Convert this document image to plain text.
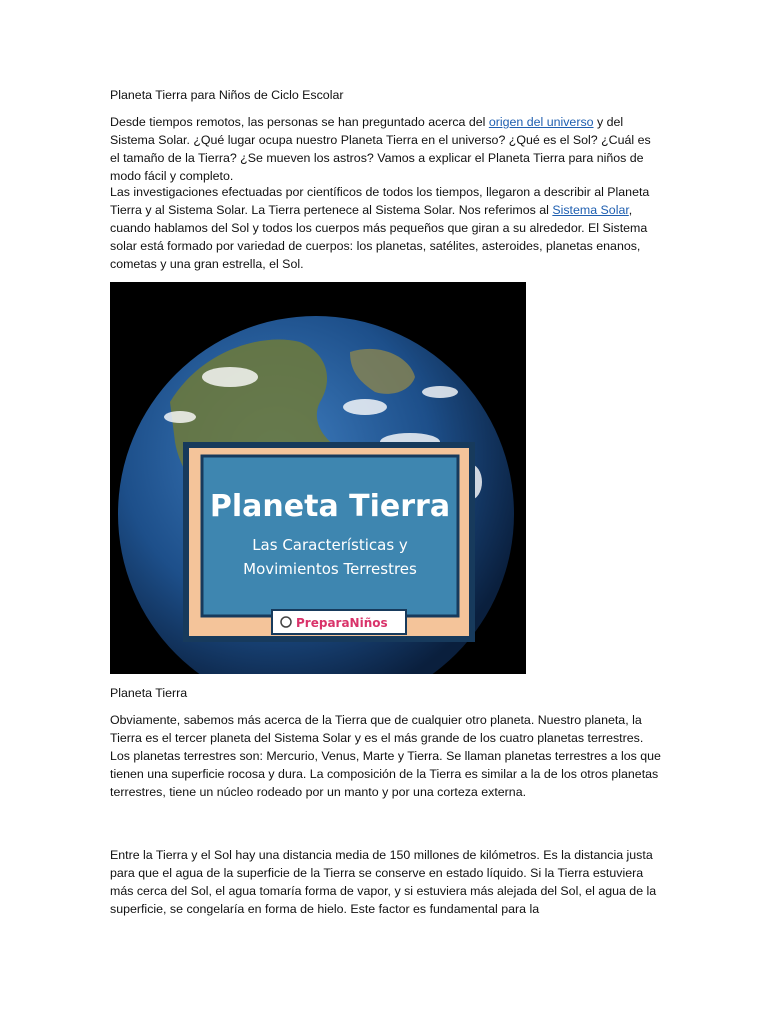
Planeta Tierra para Niños de Ciclo Escolar

Desde tiempos remotos, las personas se han preguntado acerca del origen del universo y del Sistema Solar. ¿Qué lugar ocupa nuestro Planeta Tierra en el universo? ¿Qué es el Sol? ¿Cuál es el tamaño de la Tierra? ¿Se mueven los astros? Vamos a explicar el Planeta Tierra para niños de modo fácil y completo.

Las investigaciones efectuadas por científicos de todos los tiempos, llegaron a describir al Planeta Tierra y al Sistema Solar. La Tierra pertenece al Sistema Solar. Nos referimos al Sistema Solar, cuando hablamos del Sol y todos los cuerpos más pequeños que giran a su alrededor. El Sistema solar está formado por variedad de cuerpos: los planetas, satélites, asteroides, planetas enanos, cometas y una gran estrella, el Sol.

Planeta Tierra
Las Características y
Movimientos Terrestres
PreparaNiños
Planeta Tierra

Obviamente, sabemos más acerca de la Tierra que de cualquier otro planeta. Nuestro planeta, la Tierra es el tercer planeta del Sistema Solar y es el más grande de los cuatro planetas terrestres. Los planetas terrestres son: Mercurio, Venus, Marte y Tierra. Se llaman planetas terrestres a los que tienen una superficie rocosa y dura. La composición de la Tierra es similar a la de los otros planetas terrestres, tiene un núcleo rodeado por un manto y por una corteza externa.

Entre la Tierra y el Sol hay una distancia media de 150 millones de kilómetros. Es la distancia justa para que el agua de la superficie de la Tierra se conserve en estado líquido. Si la Tierra estuviera más cerca del Sol, el agua tomaría forma de vapor, y si estuviera más alejada del Sol, el agua de la superficie, se congelaría en forma de hielo. Este factor es fundamental para la
